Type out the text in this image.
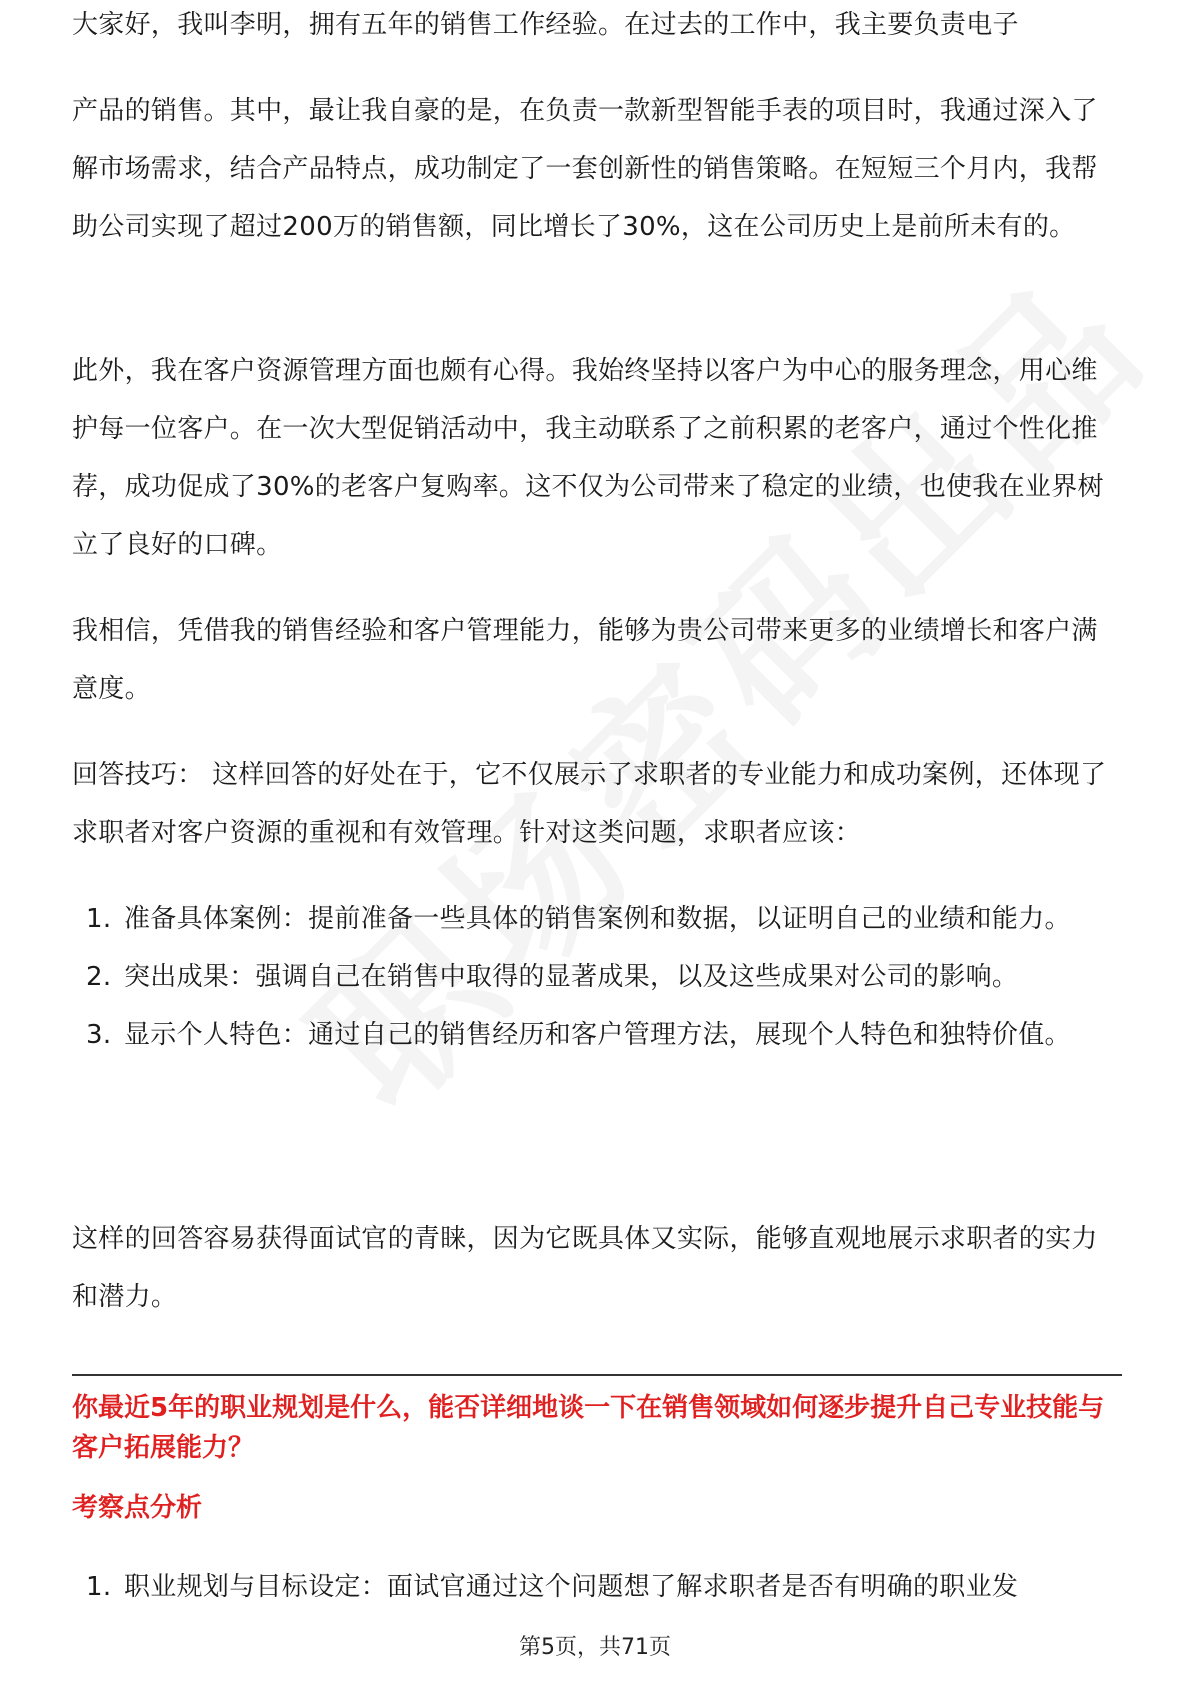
大家好，我叫李明，拥有五年的销售工作经验。在过去的工作中，我主要负责电子

产品的销售。其中，最让我自豪的是，在负责一款新型智能手表的项目时，我通过深入了解市场需求，结合产品特点，成功制定了一套创新性的销售策略。在短短三个月内，我帮助公司实现了超过200万的销售额，同比增长了30%，这在公司历史上是前所未有的。

此外，我在客户资源管理方面也颇有心得。我始终坚持以客户为中心的服务理念，用心维护每一位客户。在一次大型促销活动中，我主动联系了之前积累的老客户，通过个性化推荐，成功促成了30%的老客户复购率。这不仅为公司带来了稳定的业绩，也使我在业界树立了良好的口碑。

我相信，凭借我的销售经验和客户管理能力，能够为贵公司带来更多的业绩增长和客户满意度。

回答技巧： 这样回答的好处在于，它不仅展示了求职者的专业能力和成功案例，还体现了求职者对客户资源的重视和有效管理。针对这类问题，求职者应该：

1. 准备具体案例：提前准备一些具体的销售案例和数据，以证明自己的业绩和能力。
2. 突出成果：强调自己在销售中取得的显著成果，以及这些成果对公司的影响。
3. 显示个人特色：通过自己的销售经历和客户管理方法，展现个人特色和独特价值。

这样的回答容易获得面试官的青睐，因为它既具体又实际，能够直观地展示求职者的实力和潜力。

你最近5年的职业规划是什么，能否详细地谈一下在销售领域如何逐步提升自己专业技能与客户拓展能力？

考察点分析

1. 职业规划与目标设定：面试官通过这个问题想了解求职者是否有明确的职业发
第5页，共71页
